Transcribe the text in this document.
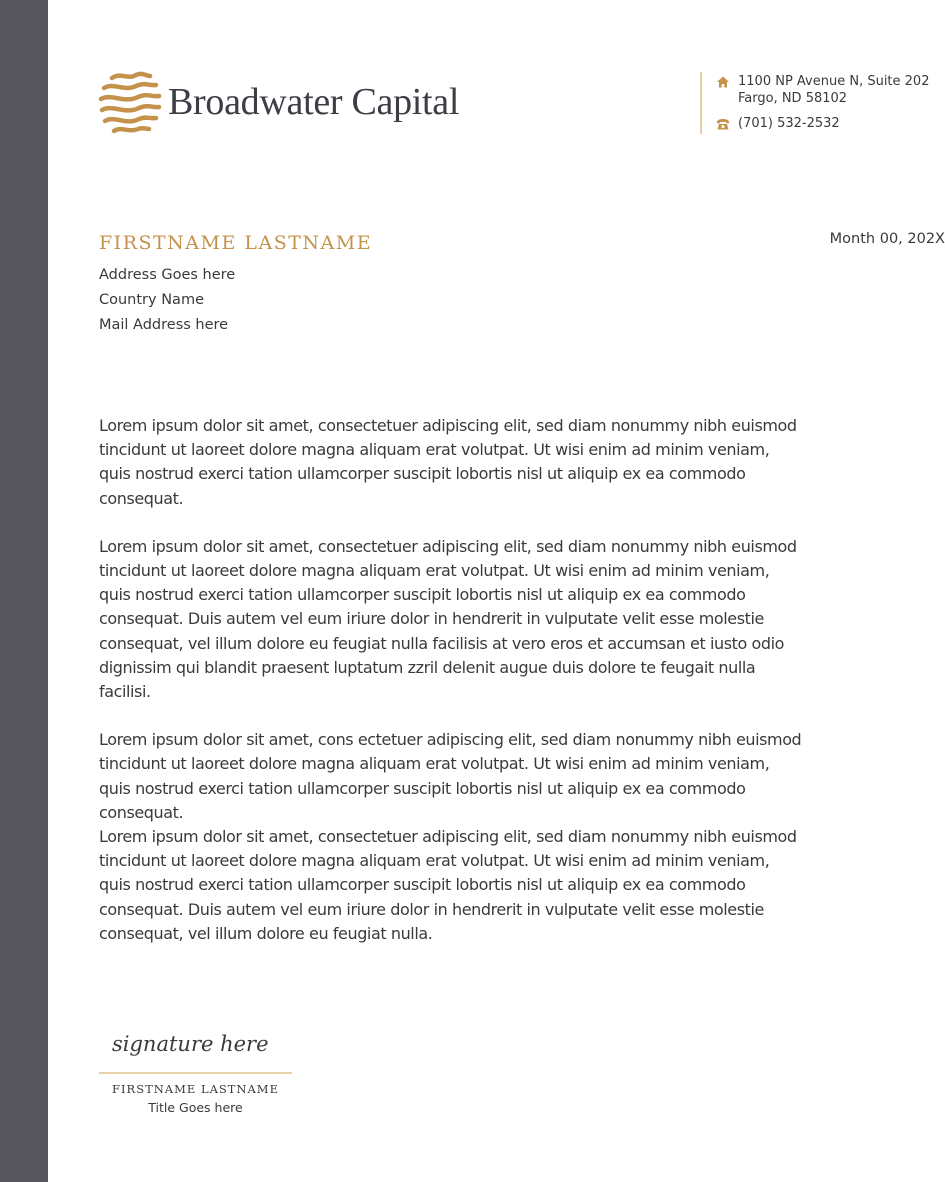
Broadwater Capital	1100 NP Avenue N, Suite 202
Fargo, ND 58102
(701) 532-2532
FIRSTNAME LASTNAME	Month 00, 202X
Address Goes here
Country Name
Mail Address here
Lorem ipsum dolor sit amet, consectetuer adipiscing elit, sed diam nonummy nibh euismod
tincidunt ut laoreet dolore magna aliquam erat volutpat. Ut wisi enim ad minim veniam,
quis nostrud exerci tation ullamcorper suscipit lobortis nisl ut aliquip ex ea commodo
consequat.
Lorem ipsum dolor sit amet, consectetuer adipiscing elit, sed diam nonummy nibh euismod
tincidunt ut laoreet dolore magna aliquam erat volutpat. Ut wisi enim ad minim veniam,
quis nostrud exerci tation ullamcorper suscipit lobortis nisl ut aliquip ex ea commodo
consequat. Duis autem vel eum iriure dolor in hendrerit in vulputate velit esse molestie
consequat, vel illum dolore eu feugiat nulla facilisis at vero eros et accumsan et iusto odio
dignissim qui blandit praesent luptatum zzril delenit augue duis dolore te feugait nulla
facilisi.
Lorem ipsum dolor sit amet, cons ectetuer adipiscing elit, sed diam nonummy nibh euismod
tincidunt ut laoreet dolore magna aliquam erat volutpat. Ut wisi enim ad minim veniam,
quis nostrud exerci tation ullamcorper suscipit lobortis nisl ut aliquip ex ea commodo
consequat.
Lorem ipsum dolor sit amet, consectetuer adipiscing elit, sed diam nonummy nibh euismod
tincidunt ut laoreet dolore magna aliquam erat volutpat. Ut wisi enim ad minim veniam,
quis nostrud exerci tation ullamcorper suscipit lobortis nisl ut aliquip ex ea commodo
consequat. Duis autem vel eum iriure dolor in hendrerit in vulputate velit esse molestie
consequat, vel illum dolore eu feugiat nulla.
signature here
FIRSTNAME LASTNAME
Title Goes here
